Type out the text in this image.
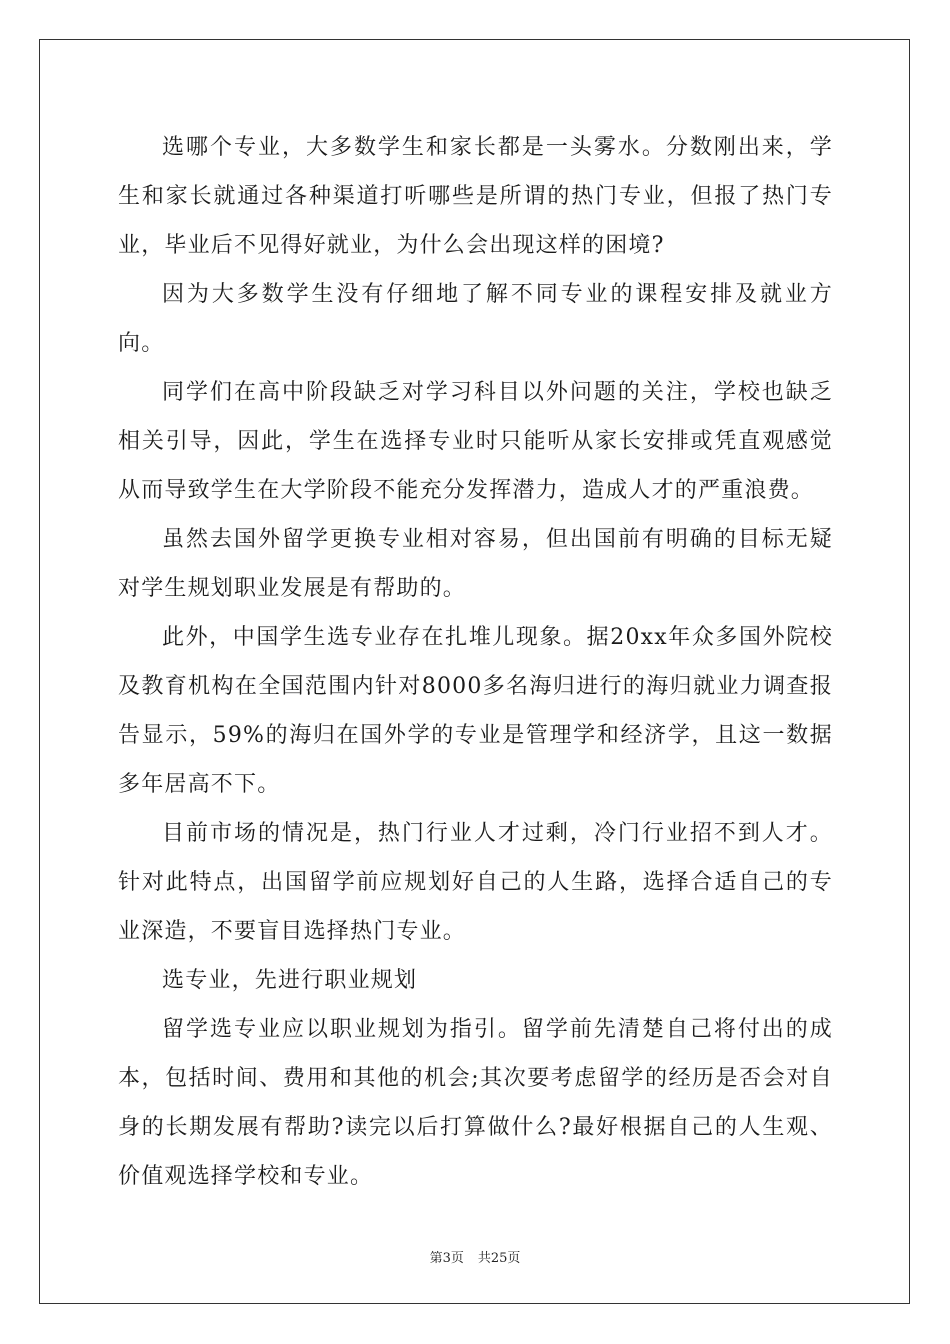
选哪个专业，大多数学生和家长都是一头雾水。分数刚出来，学生和家长就通过各种渠道打听哪些是所谓的热门专业，但报了热门专业，毕业后不见得好就业，为什么会出现这样的困境?

因为大多数学生没有仔细地了解不同专业的课程安排及就业方向。

同学们在高中阶段缺乏对学习科目以外问题的关注，学校也缺乏相关引导，因此，学生在选择专业时只能听从家长安排或凭直观感觉从而导致学生在大学阶段不能充分发挥潜力，造成人才的严重浪费。

虽然去国外留学更换专业相对容易，但出国前有明确的目标无疑对学生规划职业发展是有帮助的。

此外，中国学生选专业存在扎堆儿现象。据20xx年众多国外院校及教育机构在全国范围内针对8000多名海归进行的海归就业力调查报告显示，59%的海归在国外学的专业是管理学和经济学，且这一数据多年居高不下。

目前市场的情况是，热门行业人才过剩，冷门行业招不到人才。针对此特点，出国留学前应规划好自己的人生路，选择合适自己的专业深造，不要盲目选择热门专业。

选专业，先进行职业规划

留学选专业应以职业规划为指引。留学前先清楚自己将付出的成本，包括时间、费用和其他的机会;其次要考虑留学的经历是否会对自身的长期发展有帮助?读完以后打算做什么?最好根据自己的人生观、价值观选择学校和专业。

第3页 共25页
